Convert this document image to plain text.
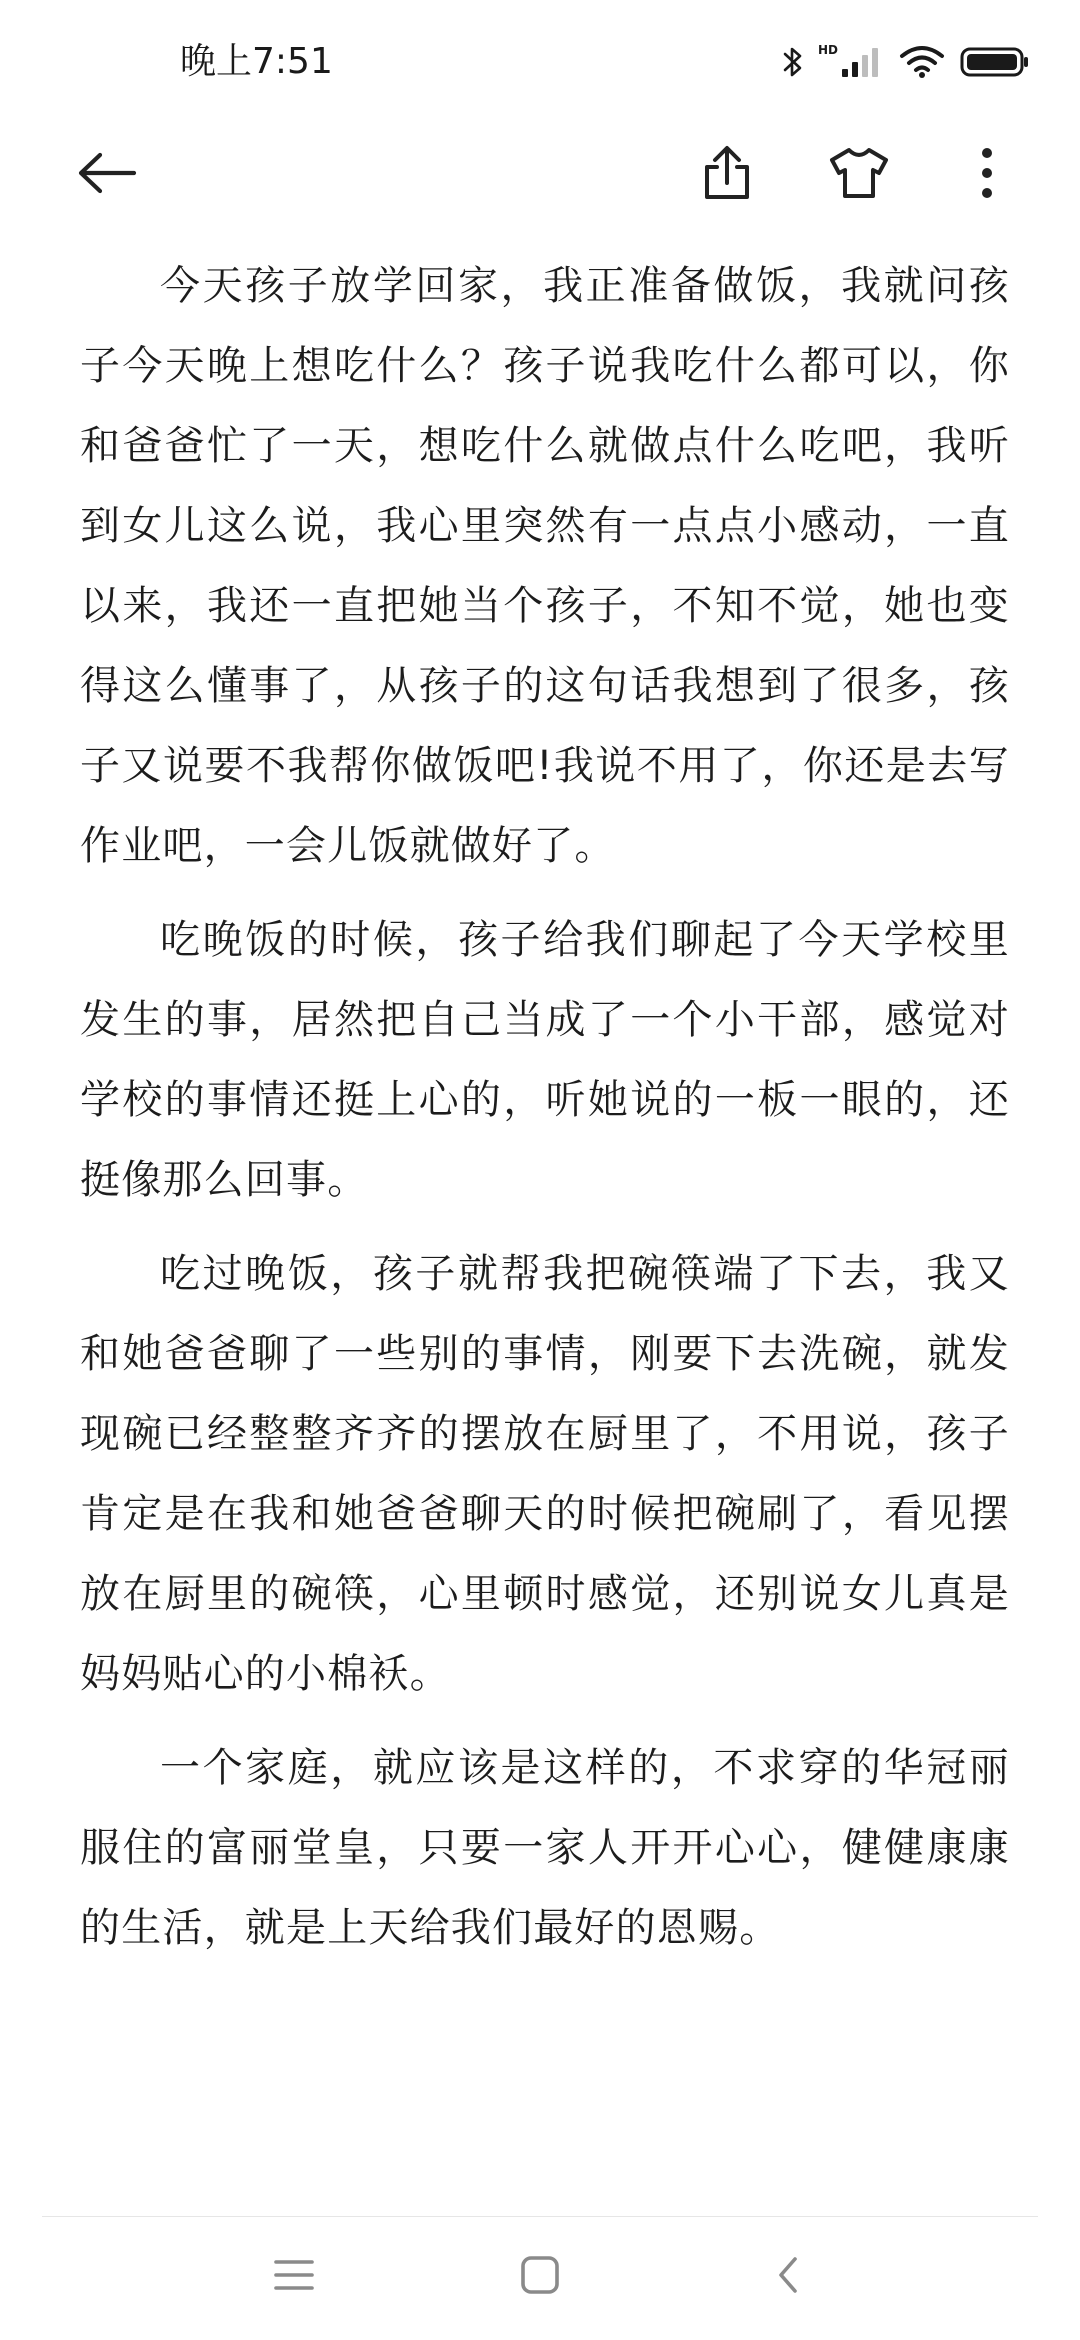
晚上7:51	HD

今天孩子放学回家，我正准备做饭，我就问孩子今天晚上想吃什么？孩子说我吃什么都可以，你和爸爸忙了一天，想吃什么就做点什么吃吧，我听到女儿这么说，我心里突然有一点点小感动，一直以来，我还一直把她当个孩子，不知不觉，她也变得这么懂事了，从孩子的这句话我想到了很多，孩子又说要不我帮你做饭吧!我说不用了，你还是去写作业吧，一会儿饭就做好了。

吃晚饭的时候，孩子给我们聊起了今天学校里发生的事，居然把自己当成了一个小干部，感觉对学校的事情还挺上心的，听她说的一板一眼的，还挺像那么回事。

吃过晚饭，孩子就帮我把碗筷端了下去，我又和她爸爸聊了一些别的事情，刚要下去洗碗，就发现碗已经整整齐齐的摆放在厨里了，不用说，孩子肯定是在我和她爸爸聊天的时候把碗刷了，看见摆放在厨里的碗筷，心里顿时感觉，还别说女儿真是妈妈贴心的小棉袄。

一个家庭，就应该是这样的，不求穿的华冠丽服住的富丽堂皇，只要一家人开开心心，健健康康的生活，就是上天给我们最好的恩赐。
